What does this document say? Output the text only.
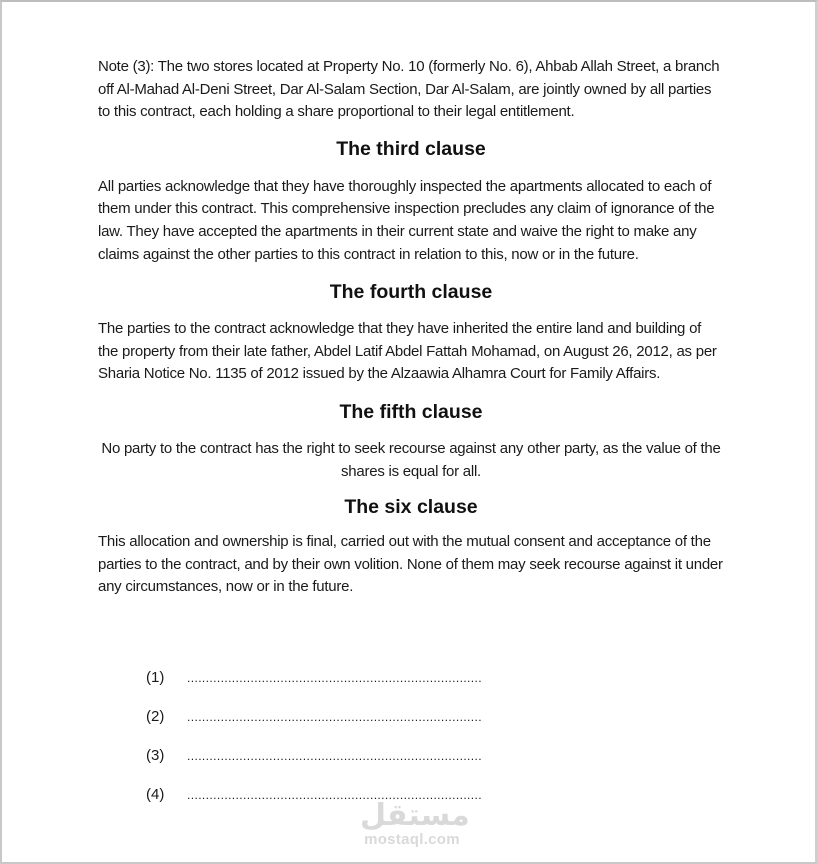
Note (3): The two stores located at Property No. 10 (formerly No. 6), Ahbab Allah Street, a branch off Al-Mahad Al-Deni Street, Dar Al-Salam Section, Dar Al-Salam, are jointly owned by all parties to this contract, each holding a share proportional to their legal entitlement.

The third clause

All parties acknowledge that they have thoroughly inspected the apartments allocated to each of them under this contract. This comprehensive inspection precludes any claim of ignorance of the law. They have accepted the apartments in their current state and waive the right to make any claims against the other parties to this contract in relation to this, now or in the future.

The fourth clause

The parties to the contract acknowledge that they have inherited the entire land and building of the property from their late father, Abdel Latif Abdel Fattah Mohamad, on August 26, 2012, as per Sharia Notice No. 1135 of 2012 issued by the Alzaawia Alhamra Court for Family Affairs.

The fifth clause

No party to the contract has the right to seek recourse against any other party, as the value of the shares is equal for all.

The six clause

This allocation and ownership is final, carried out with the mutual consent and acceptance of the parties to the contract, and by their own volition. None of them may seek recourse against it under any circumstances, now or in the future.

(1)	...............................................................................
(2)	...............................................................................
(3)	...............................................................................
(4)	...............................................................................
مستقل
mostaql.com
